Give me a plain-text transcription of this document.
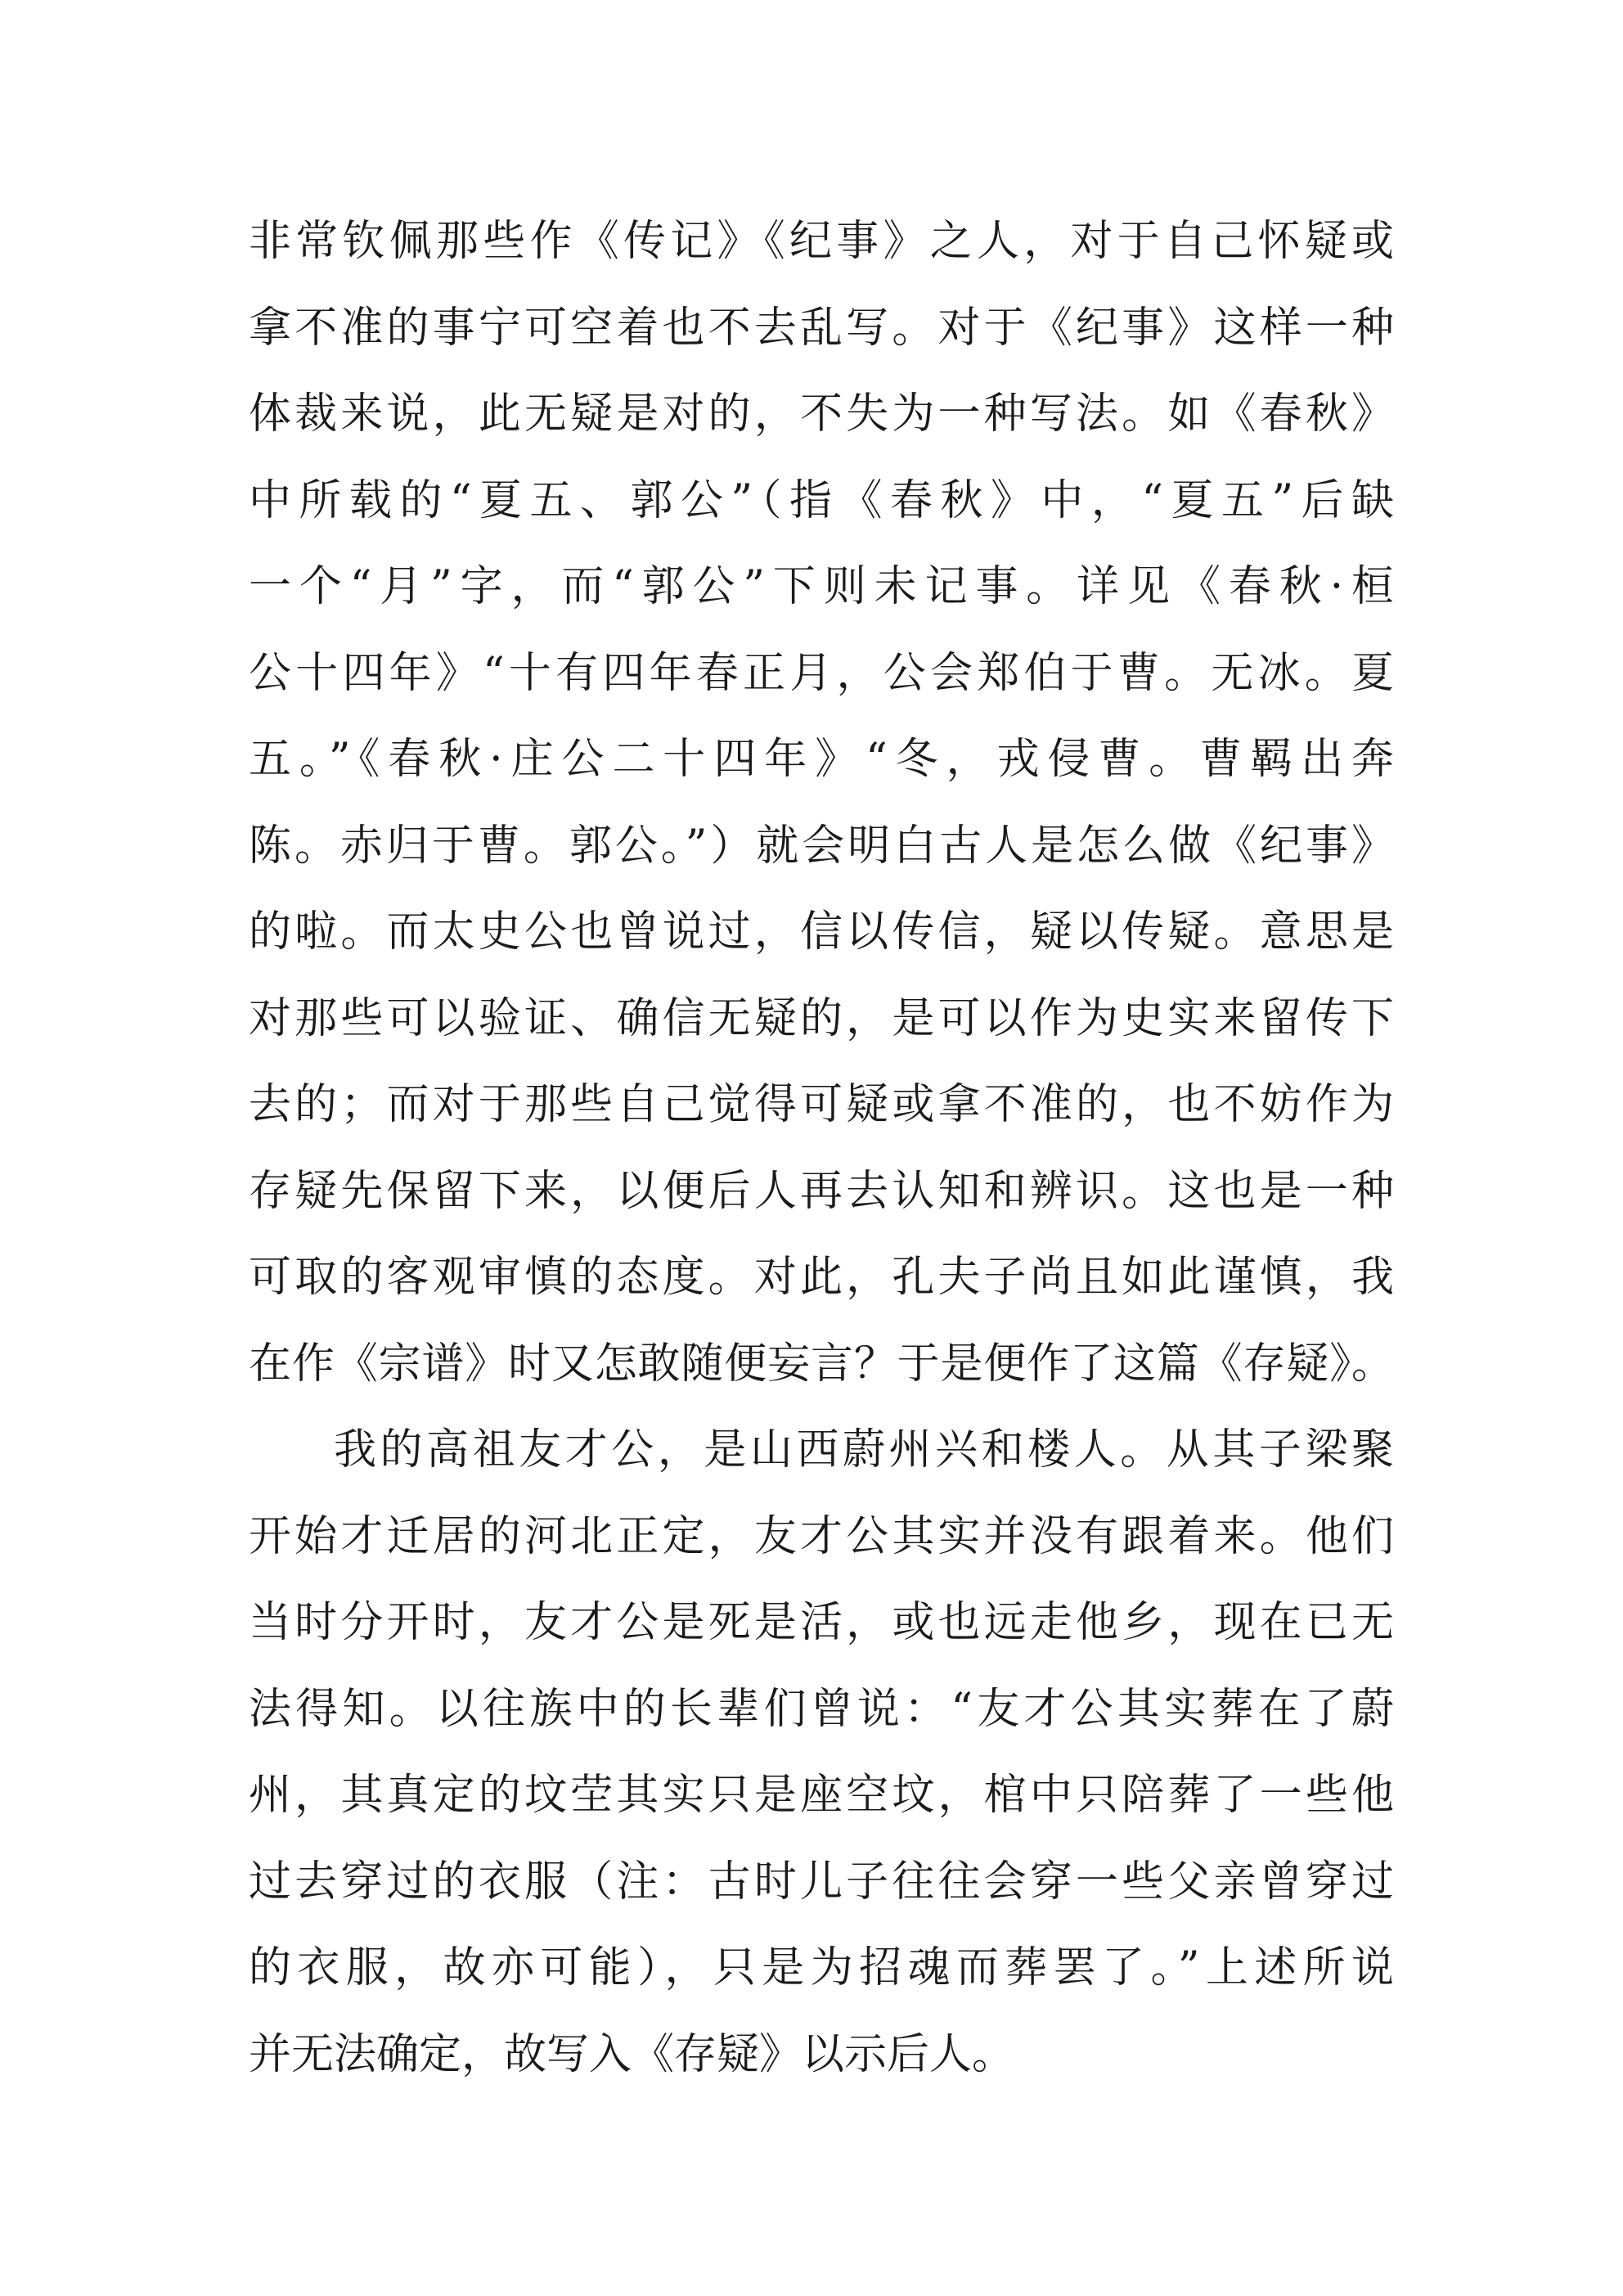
非常钦佩那些作《传记》《纪事》之人，对于自己怀疑或
拿不准的事宁可空着也不去乱写。对于《纪事》这样一种
体裁来说，此无疑是对的，不失为一种写法。如《春秋》
中所载的“夏五、郭公”（指《春秋》中，“夏五”后缺
一个“月”字，而“郭公”下则未记事。详见《春秋·桓
公十四年》“十有四年春正月，公会郑伯于曹。无冰。夏
五。”《春秋·庄公二十四年》“冬，戎侵曹。曹羁出奔
陈。赤归于曹。郭公。”）就会明白古人是怎么做《纪事》
的啦。而太史公也曾说过，信以传信，疑以传疑。意思是
对那些可以验证、确信无疑的，是可以作为史实来留传下
去的；而对于那些自己觉得可疑或拿不准的，也不妨作为
存疑先保留下来，以便后人再去认知和辨识。这也是一种
可取的客观审慎的态度。对此，孔夫子尚且如此谨慎，我
在作《宗谱》时又怎敢随便妄言？于是便作了这篇《存疑》。
我的高祖友才公，是山西蔚州兴和楼人。从其子梁聚
开始才迁居的河北正定，友才公其实并没有跟着来。他们
当时分开时，友才公是死是活，或也远走他乡，现在已无
法得知。以往族中的长辈们曾说：“友才公其实葬在了蔚
州，其真定的坟茔其实只是座空坟，棺中只陪葬了一些他
过去穿过的衣服（注：古时儿子往往会穿一些父亲曾穿过
的衣服，故亦可能），只是为招魂而葬罢了。”上述所说
并无法确定，故写入《存疑》以示后人。
